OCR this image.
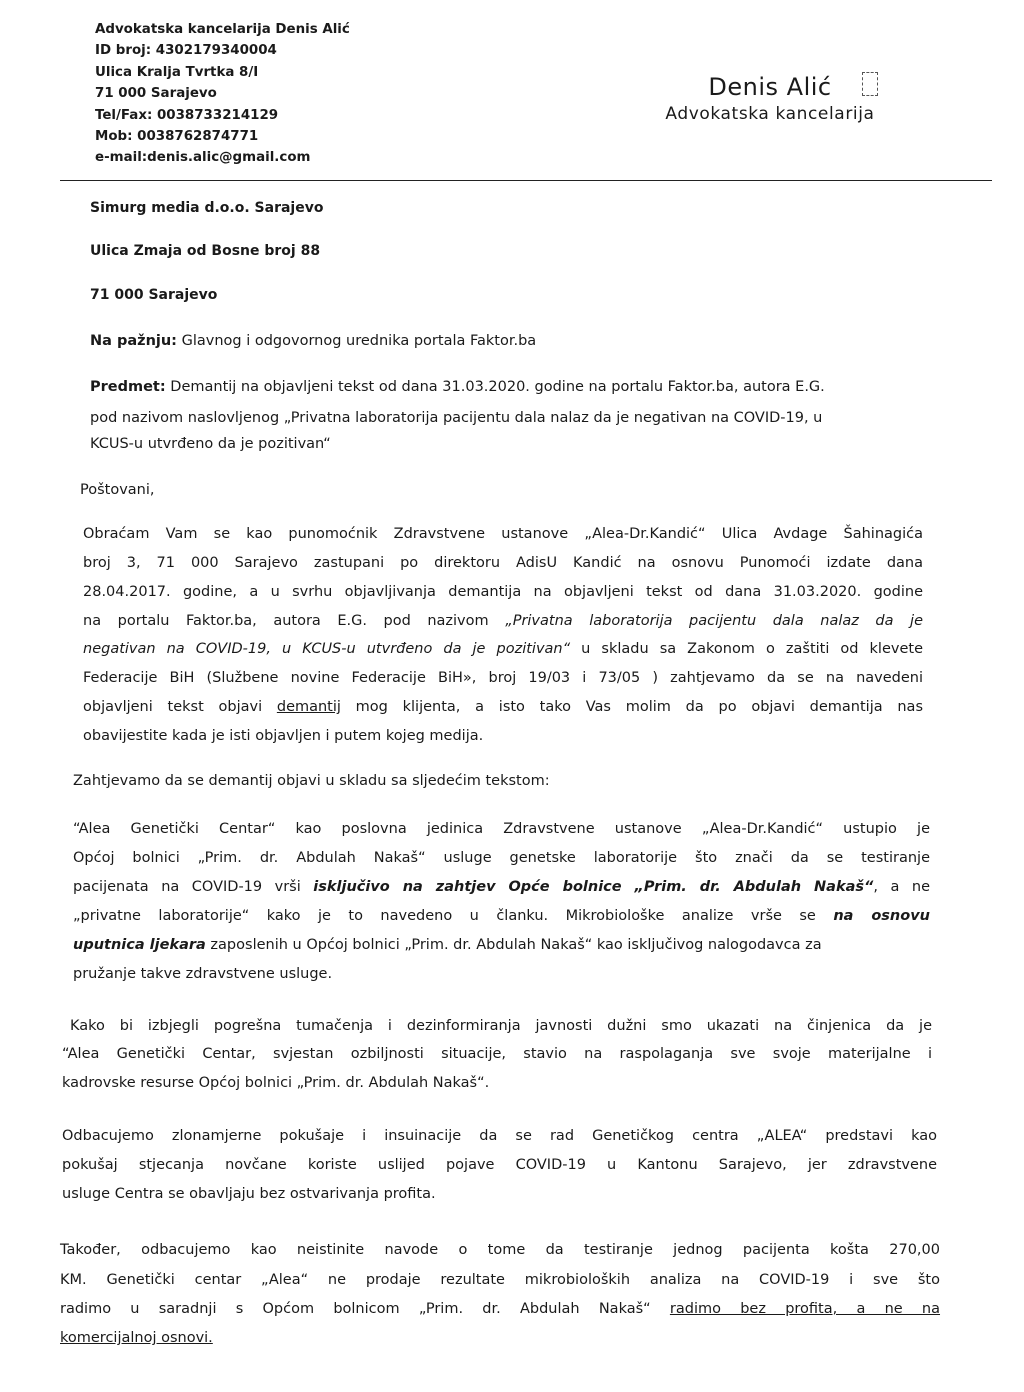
Advokatska kancelarija Denis Alić
ID broj: 4302179340004
Ulica Kralja Tvrtka 8/I
71 000 Sarajevo
Tel/Fax: 0038733214129
Mob: 0038762874771
e-mail:denis.alic@gmail.com
Denis Alić
Advokatska kancelarija
Simurg media d.o.o. Sarajevo
Ulica Zmaja od Bosne broj 88
71 000 Sarajevo
Na pažnju: Glavnog i odgovornog urednika portala Faktor.ba
Predmet: Demantij na objavljeni tekst od dana 31.03.2020. godine na portalu Faktor.ba, autora E.G.
pod nazivom naslovljenog „Privatna laboratorija pacijentu dala nalaz da je negativan na COVID-19, u
KCUS-u utvrđeno da je pozitivan“
Poštovani,
Obraćam Vam se kao punomoćnik Zdravstvene ustanove „Alea-Dr.Kandić“ Ulica Avdage Šahinagića
broj 3, 71 000 Sarajevo zastupani po direktoru AdisU Kandić na osnovu Punomoći izdate dana
28.04.2017. godine, a u svrhu objavljivanja demantija na objavljeni tekst od dana 31.03.2020. godine
na portalu Faktor.ba, autora E.G. pod nazivom „Privatna laboratorija pacijentu dala nalaz da je
negativan na COVID-19, u KCUS-u utvrđeno da je pozitivan“ u skladu sa Zakonom o zaštiti od klevete
Federacije BiH (Službene novine Federacije BiH», broj 19/03 i 73/05 ) zahtjevamo da se na navedeni
objavljeni tekst objavi demantij mog klijenta, a isto tako Vas molim da po objavi demantija nas
obavijestite kada je isti objavljen i putem kojeg medija.
Zahtjevamo da se demantij objavi u skladu sa sljedećim tekstom:
“Alea Genetički Centar“ kao poslovna jedinica Zdravstvene ustanove „Alea-Dr.Kandić“ ustupio je
Općoj bolnici „Prim. dr. Abdulah Nakaš“ usluge genetske laboratorije što znači da se testiranje
pacijenata na COVID-19 vrši isključivo na zahtjev Opće bolnice „Prim. dr. Abdulah Nakaš“, a ne
„privatne laboratorije“ kako je to navedeno u članku. Mikrobiološke analize vrše se na osnovu
uputnica ljekara zaposlenih u Općoj bolnici „Prim. dr. Abdulah Nakaš“ kao isključivog nalogodavca za
pružanje takve zdravstvene usluge.
Kako bi izbjegli pogrešna tumačenja i dezinformiranja javnosti dužni smo ukazati na činjenica da je
“Alea Genetički Centar, svjestan ozbiljnosti situacije, stavio na raspolaganja sve svoje materijalne i
kadrovske resurse Općoj bolnici „Prim. dr. Abdulah Nakaš“.
Odbacujemo zlonamjerne pokušaje i insuinacije da se rad Genetičkog centra „ALEA“ predstavi kao
pokušaj stjecanja novčane koriste uslijed pojave COVID-19 u Kantonu Sarajevo, jer zdravstvene
usluge Centra se obavljaju bez ostvarivanja profita.
Također, odbacujemo kao neistinite navode o tome da testiranje jednog pacijenta košta 270,00
KM. Genetički centar „Alea“ ne prodaje rezultate mikrobioloških analiza na COVID-19 i sve što
radimo u saradnji s Općom bolnicom „Prim. dr. Abdulah Nakaš“ radimo bez profita, a ne na
komercijalnoj osnovi.
